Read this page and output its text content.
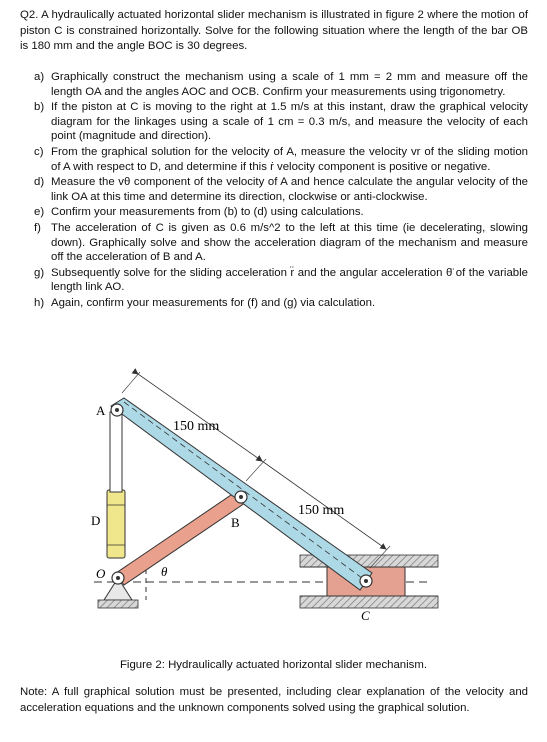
Q2. A hydraulically actuated horizontal slider mechanism is illustrated in figure 2 where the motion of piston C is constrained horizontally. Solve for the following situation where the length of the bar OB is 180 mm and the angle BOC is 30 degrees.
a) Graphically construct the mechanism using a scale of 1 mm = 2 mm and measure off the length OA and the angles AOC and OCB. Confirm your measurements using trigonometry.
b) If the piston at C is moving to the right at 1.5 m/s at this instant, draw the graphical velocity diagram for the linkages using a scale of 1 cm = 0.3 m/s, and measure the velocity of each point (magnitude and direction).
c) From the graphical solution for the velocity of A, measure the velocity vr of the sliding motion of A with respect to D, and determine if this ṙ velocity component is positive or negative.
d) Measure the vθ component of the velocity of A and hence calculate the angular velocity of the link OA at this time and determine its direction, clockwise or anti-clockwise.
e) Confirm your measurements from (b) to (d) using calculations.
f) The acceleration of C is given as 0.6 m/s^2 to the left at this time (ie decelerating, slowing down). Graphically solve and show the acceleration diagram of the mechanism and measure off the acceleration of B and A.
g) Subsequently solve for the sliding acceleration r̈ and the angular acceleration θ̈ of the variable length link AO.
h) Again, confirm your measurements for (f) and (g) via calculation.
A
D
O	θ
B
C
150 mm
150 mm
Figure 2: Hydraulically actuated horizontal slider mechanism.
Note: A full graphical solution must be presented, including clear explanation of the velocity and acceleration equations and the unknown components solved using the graphical solution.
